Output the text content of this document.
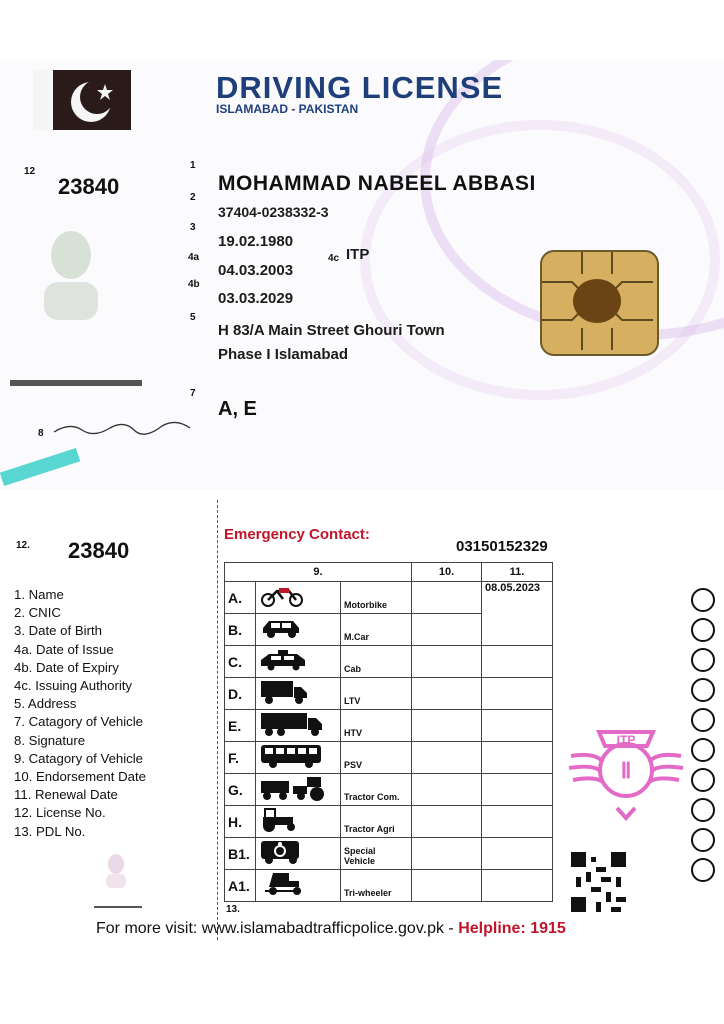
DRIVING LICENSE
ISLAMABAD - PAKISTAN
12
23840
1
MOHAMMAD NABEEL ABBASI
2
37404-0238332-3
3
19.02.1980
4a
04.03.2003
4c ITP
4b
03.03.2029
5
H 83/A Main Street Ghouri Town
Phase I Islamabad
7
A, E
8
12. 23840
1. Name
2. CNIC
3. Date of Birth
4a. Date of Issue
4b. Date of Expiry
4c. Issuing Authority
5. Address
7. Catagory of Vehicle
8. Signature
9. Catagory of Vehicle
10. Endorsement Date
11. Renewal Date
12. License No.
13. PDL No.
Emergency Contact:
03150152329
9.			10.	11.
A.		Motorbike		08.05.2023
B.		M.Car		
C.		Cab		
D.		LTV		
E.		HTV		
F.		PSV		
G.		Tractor Com.		
H.		Tractor Agri		
B1.		Special Vehicle		
A1.		Tri-wheeler		
13.
ITP
Ⅱ
For more visit: www.islamabadtrafficpolice.gov.pk - Helpline: 1915
